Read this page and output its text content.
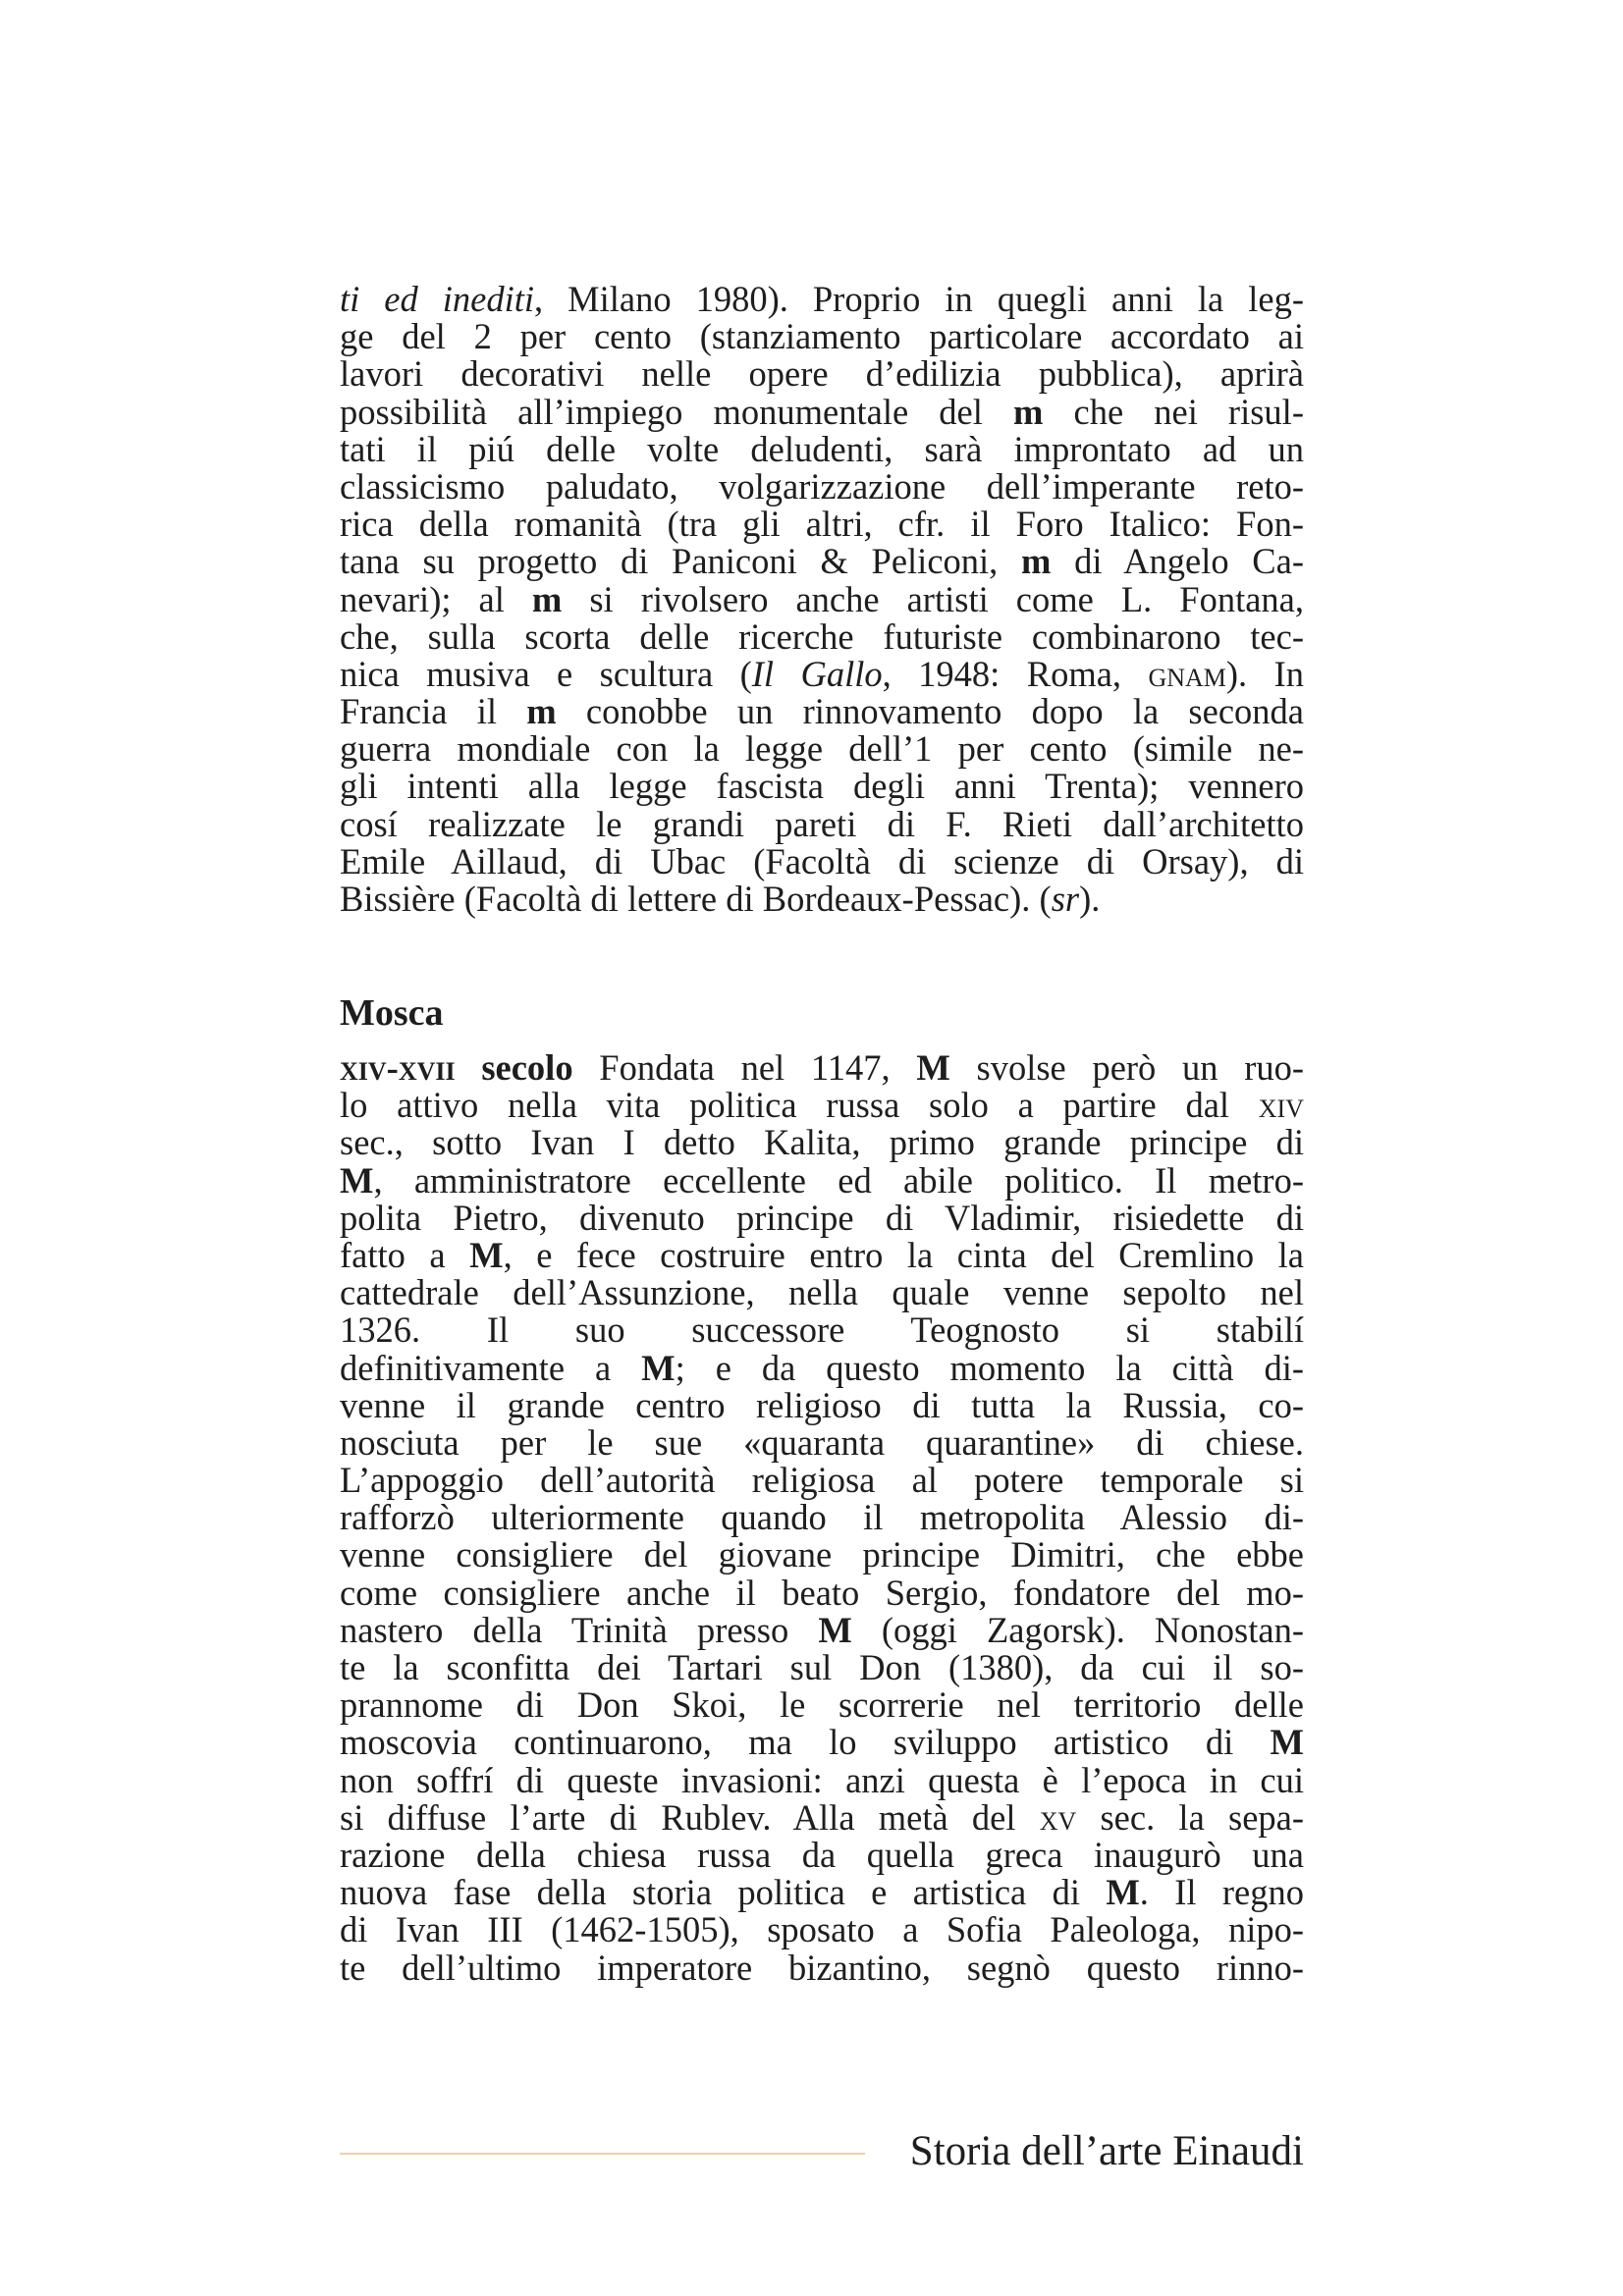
ti ed inediti, Milano 1980). Proprio in quegli anni la leg-
ge del 2 per cento (stanziamento particolare accordato ai
lavori decorativi nelle opere d’edilizia pubblica), aprirà
possibilità all’impiego monumentale del m che nei risul-
tati il piú delle volte deludenti, sarà improntato ad un
classicismo paludato, volgarizzazione dell’imperante reto-
rica della romanità (tra gli altri, cfr. il Foro Italico: Fon-
tana su progetto di Paniconi & Peliconi, m di Angelo Ca-
nevari); al m si rivolsero anche artisti come L. Fontana,
che, sulla scorta delle ricerche futuriste combinarono tec-
nica musiva e scultura (Il Gallo, 1948: Roma, gnam). In
Francia il m conobbe un rinnovamento dopo la seconda
guerra mondiale con la legge dell’1 per cento (simile ne-
gli intenti alla legge fascista degli anni Trenta); vennero
cosí realizzate le grandi pareti di F. Rieti dall’architetto
Emile Aillaud, di Ubac (Facoltà di scienze di Orsay), di
Bissière (Facoltà di lettere di Bordeaux-Pessac). (sr).
Mosca
xiv-xvii secolo Fondata nel 1147, M svolse però un ruo-
lo attivo nella vita politica russa solo a partire dal xiv
sec., sotto Ivan I detto Kalita, primo grande principe di
M, amministratore eccellente ed abile politico. Il metro-
polita Pietro, divenuto principe di Vladimir, risiedette di
fatto a M, e fece costruire entro la cinta del Cremlino la
cattedrale dell’Assunzione, nella quale venne sepolto nel
1326. Il suo successore Teognosto si stabilí
definitivamente a M; e da questo momento la città di-
venne il grande centro religioso di tutta la Russia, co-
nosciuta per le sue «quaranta quarantine» di chiese.
L’appoggio dell’autorità religiosa al potere temporale si
rafforzò ulteriormente quando il metropolita Alessio di-
venne consigliere del giovane principe Dimitri, che ebbe
come consigliere anche il beato Sergio, fondatore del mo-
nastero della Trinità presso M (oggi Zagorsk). Nonostan-
te la sconfitta dei Tartari sul Don (1380), da cui il so-
prannome di Don Skoi, le scorrerie nel territorio delle
moscovia continuarono, ma lo sviluppo artistico di M
non soffrí di queste invasioni: anzi questa è l’epoca in cui
si diffuse l’arte di Rublev. Alla metà del xv sec. la sepa-
razione della chiesa russa da quella greca inaugurò una
nuova fase della storia politica e artistica di M. Il regno
di Ivan III (1462-1505), sposato a Sofia Paleologa, nipo-
te dell’ultimo imperatore bizantino, segnò questo rinno-
Storia dell’arte Einaudi
